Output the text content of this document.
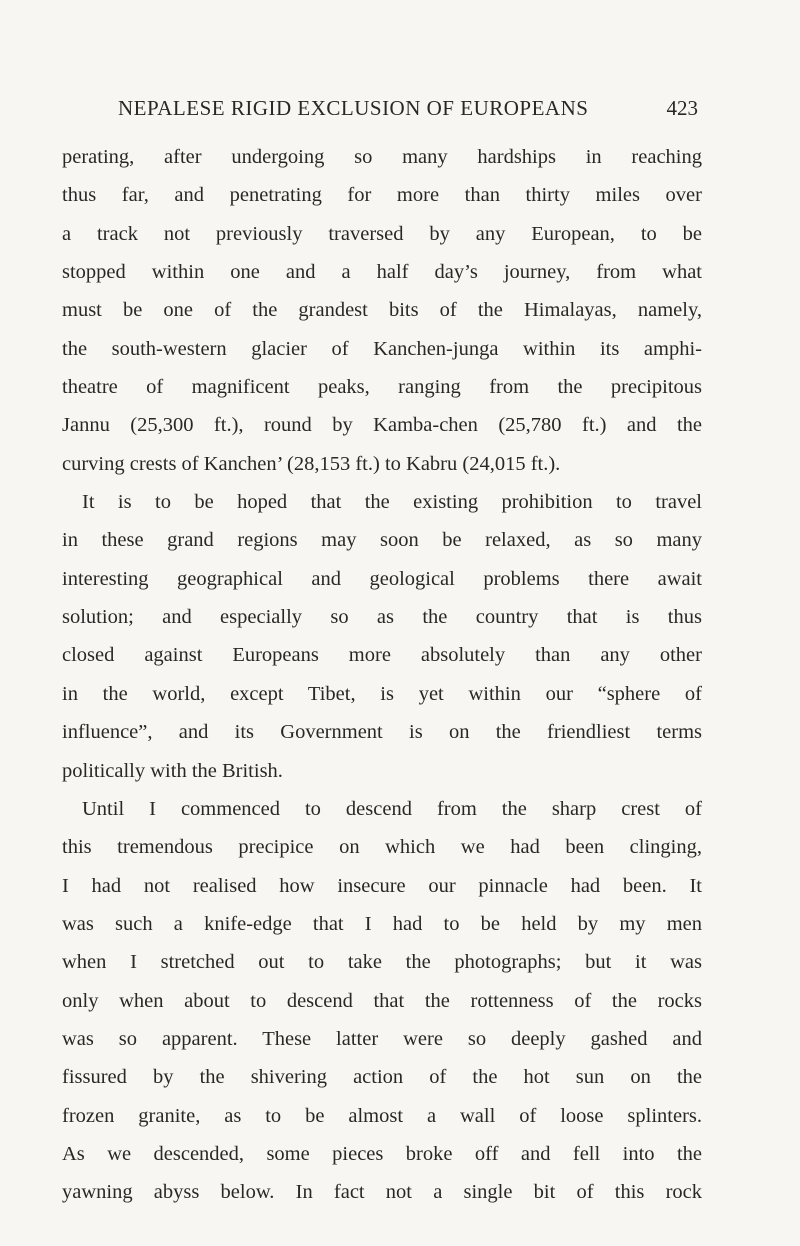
NEPALESE RIGID EXCLUSION OF EUROPEANS	423
perating, after undergoing so many hardships in reaching
thus far, and penetrating for more than thirty miles over
a track not previously traversed by any European, to be
stopped within one and a half day’s journey, from what
must be one of the grandest bits of the Himalayas, namely,
the south-western glacier of Kanchen-junga within its amphi-
theatre of magnificent peaks, ranging from the precipitous
Jannu (25,300 ft.), round by Kamba-chen (25,780 ft.) and the
curving crests of Kanchen’ (28,153 ft.) to Kabru (24,015 ft.).
It is to be hoped that the existing prohibition to travel
in these grand regions may soon be relaxed, as so many
interesting geographical and geological problems there await
solution; and especially so as the country that is thus
closed against Europeans more absolutely than any other
in the world, except Tibet, is yet within our “sphere of
influence”, and its Government is on the friendliest terms
politically with the British.
Until I commenced to descend from the sharp crest of
this tremendous precipice on which we had been clinging,
I had not realised how insecure our pinnacle had been. It
was such a knife-edge that I had to be held by my men
when I stretched out to take the photographs; but it was
only when about to descend that the rottenness of the rocks
was so apparent. These latter were so deeply gashed and
fissured by the shivering action of the hot sun on the
frozen granite, as to be almost a wall of loose splinters.
As we descended, some pieces broke off and fell into the
yawning abyss below. In fact not a single bit of this rock
